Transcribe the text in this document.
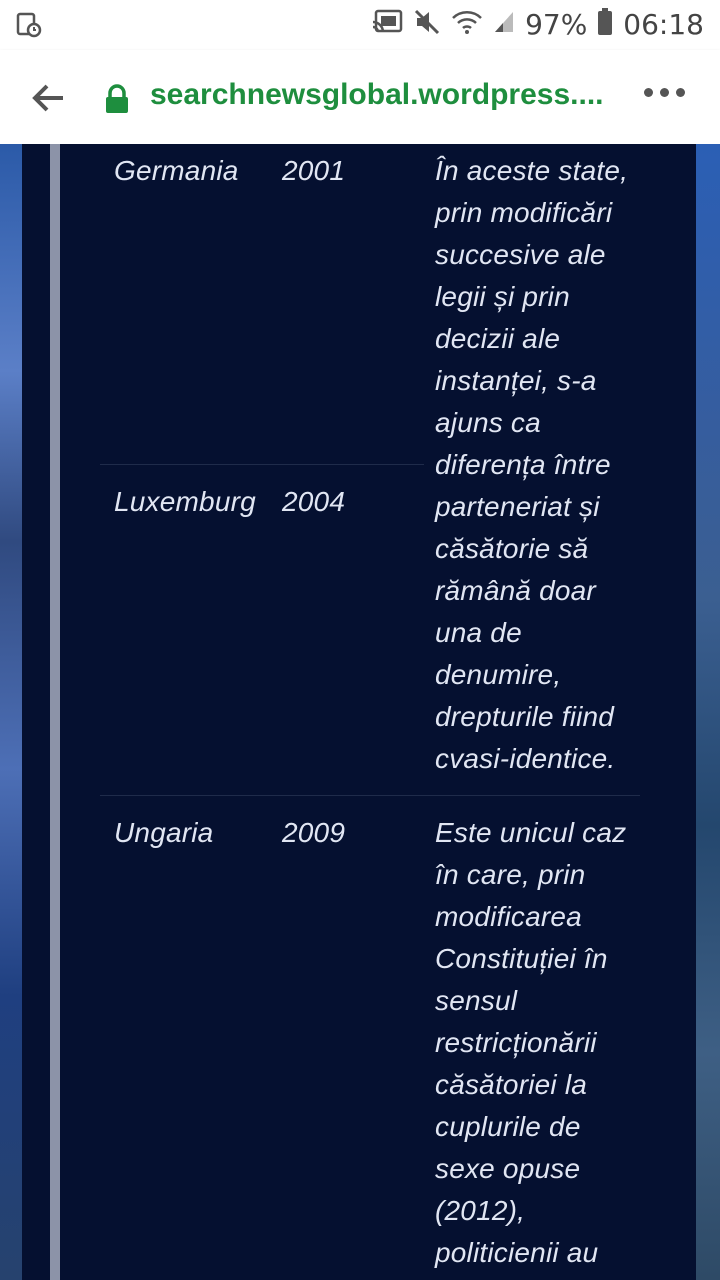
97% 06:18
searchnewsglobal.wordpress....
Germania 2001	În aceste state,
prin modificări
succesive ale
legii și prin
decizii ale
instanței, s-a
ajuns ca
diferența între
parteneriat și
căsătorie să
rămână doar
una de
denumire,
drepturile fiind
cvasi-identice.
Luxemburg 2004
Ungaria 2009	Este unicul caz
în care, prin
modificarea
Constituției în
sensul
restricționării
căsătoriei la
cuplurile de
sexe opuse
(2012),
politicienii au
